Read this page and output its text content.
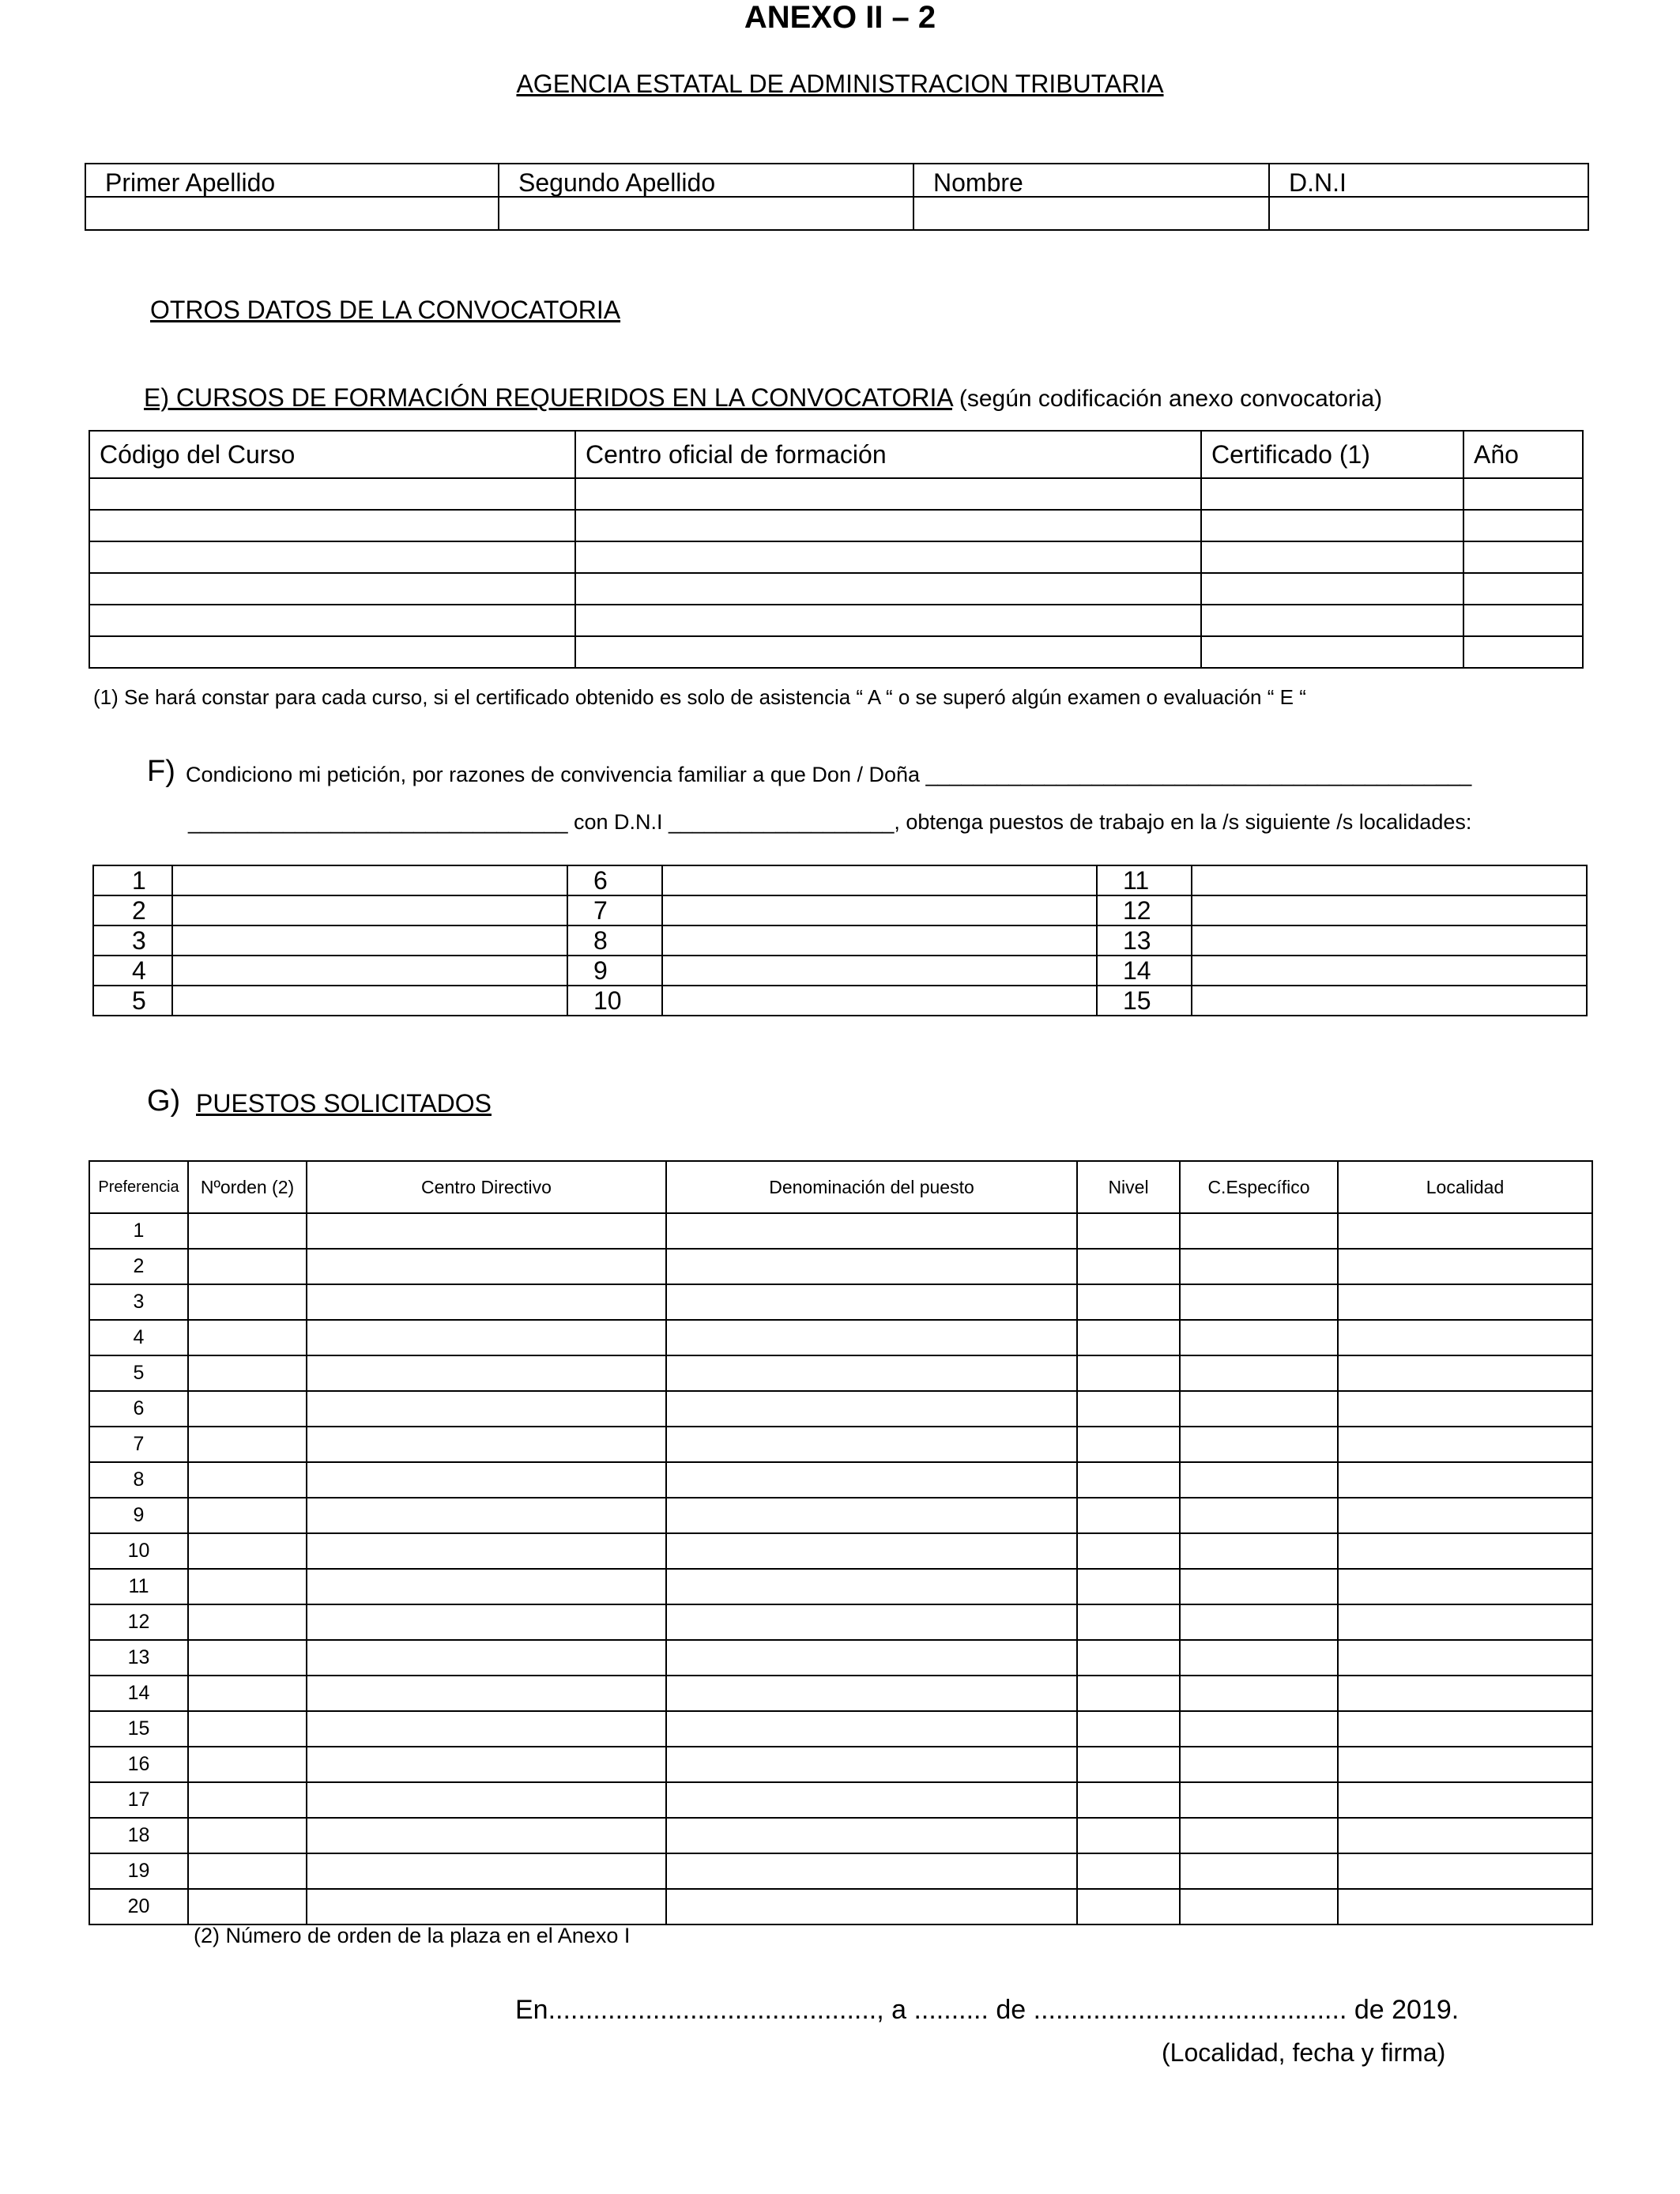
ANEXO II – 2
AGENCIA ESTATAL DE ADMINISTRACION TRIBUTARIA
Primer Apellido	Segundo Apellido	Nombre	D.N.I

OTROS DATOS DE LA CONVOCATORIA
E) CURSOS DE FORMACIÓN REQUERIDOS EN LA CONVOCATORIA (según codificación anexo convocatoria)
Código del Curso	Centro oficial de formación	Certificado (1)	Año

(1) Se hará constar para cada curso, si el certificado obtenido es solo de asistencia “ A “ o se superó algún examen o evaluación “ E “
F) Condiciono mi petición, por razones de convivencia familiar a que Don / Doña ______________________________________________
________________________________ con D.N.I ___________________, obtenga puestos de trabajo en la /s siguiente /s localidades:
1		6		11	
2		7		12	
3		8		13	
4		9		14	
5		10		15	
G) PUESTOS SOLICITADOS
Preferencia	Nºorden (2)	Centro Directivo	Denominación del puesto	Nivel	C.Específico	Localidad
1						
2						
3						
4						
5						
6						
7						
8						
9						
10						
11						
12						
13						
14						
15						
16						
17						
18						
19						
20						
(2) Número de orden de la plaza en el Anexo I
En............................................, a .......... de .......................................... de 2019.
(Localidad, fecha y firma)
